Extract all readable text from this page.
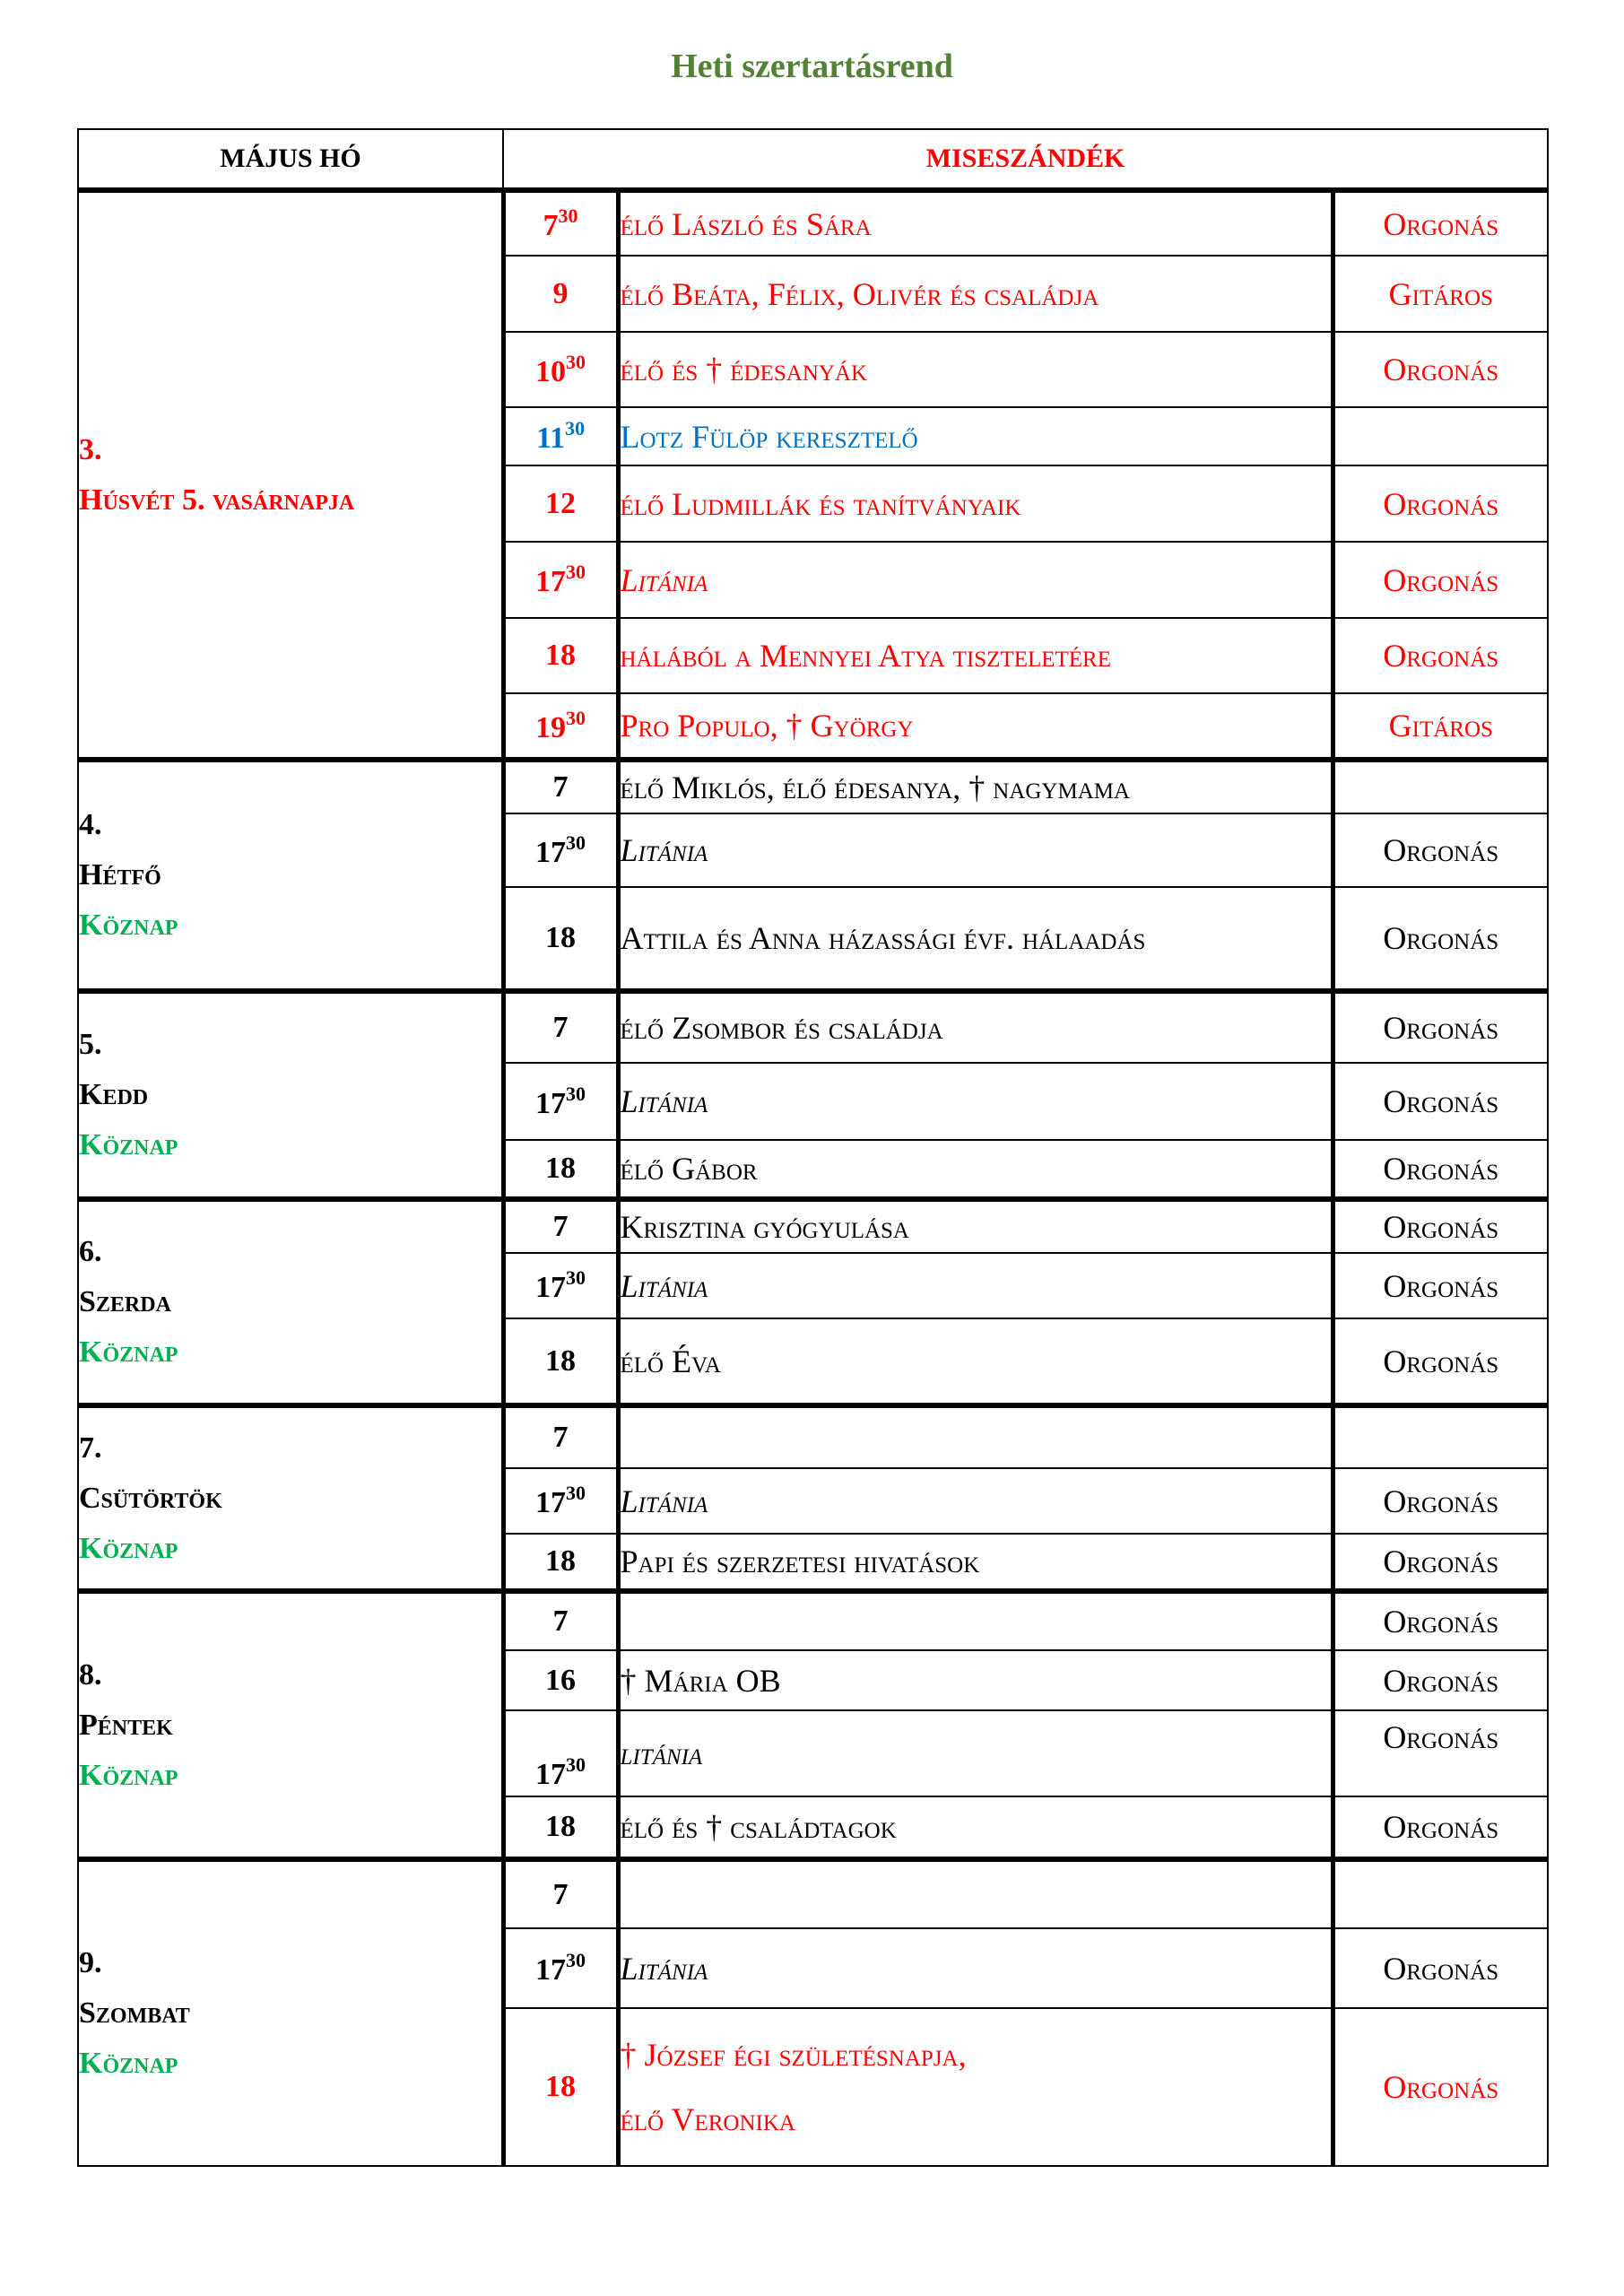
Heti szertartásrend
MÁJUS HÓ	MISESZÁNDÉK		

3.
Húsvét 5. vasárnapja	$7^{30}$	élő László és Sára	Orgonás
	9	élő Beáta, Félix, Olivér és családja	Gitáros
	$10^{30}$	élő és † édesanyák	Orgonás
	$11^{30}$	Lotz Fülöp keresztelő	
	12	élő Ludmillák és tanítványaik	Orgonás
	$17^{30}$	Litánia	Orgonás
	18	hálából a Mennyei Atya tiszteletére	Orgonás
	$19^{30}$	Pro Populo, † György	Gitáros

4.
Hétfő
Köznap	7	élő Miklós, élő édesanya, † nagymama	
	$17^{30}$	Litánia	Orgonás
	18	Attila és Anna házassági évf. hálaadás	Orgonás

5.
Kedd
Köznap	7	élő Zsombor és családja	Orgonás
	$17^{30}$	Litánia	Orgonás
	18	élő Gábor	Orgonás

6.
Szerda
Köznap	7	Krisztina gyógyulása	Orgonás
	$17^{30}$	Litánia	Orgonás
	18	élő Éva	Orgonás

7.
Csütörtök
Köznap	7		
	$17^{30}$	Litánia	Orgonás
	18	Papi és szerzetesi hivatások	Orgonás

8.
Péntek
Köznap	7		Orgonás
	16	† Mária OB	Orgonás
	$17^{30}$	litánia	Orgonás
	18	élő és † családtagok	Orgonás

9.
Szombat
Köznap	7		
	$17^{30}$	Litánia	Orgonás
	18	† József égi születésnapja,
élő Veronika	Orgonás
